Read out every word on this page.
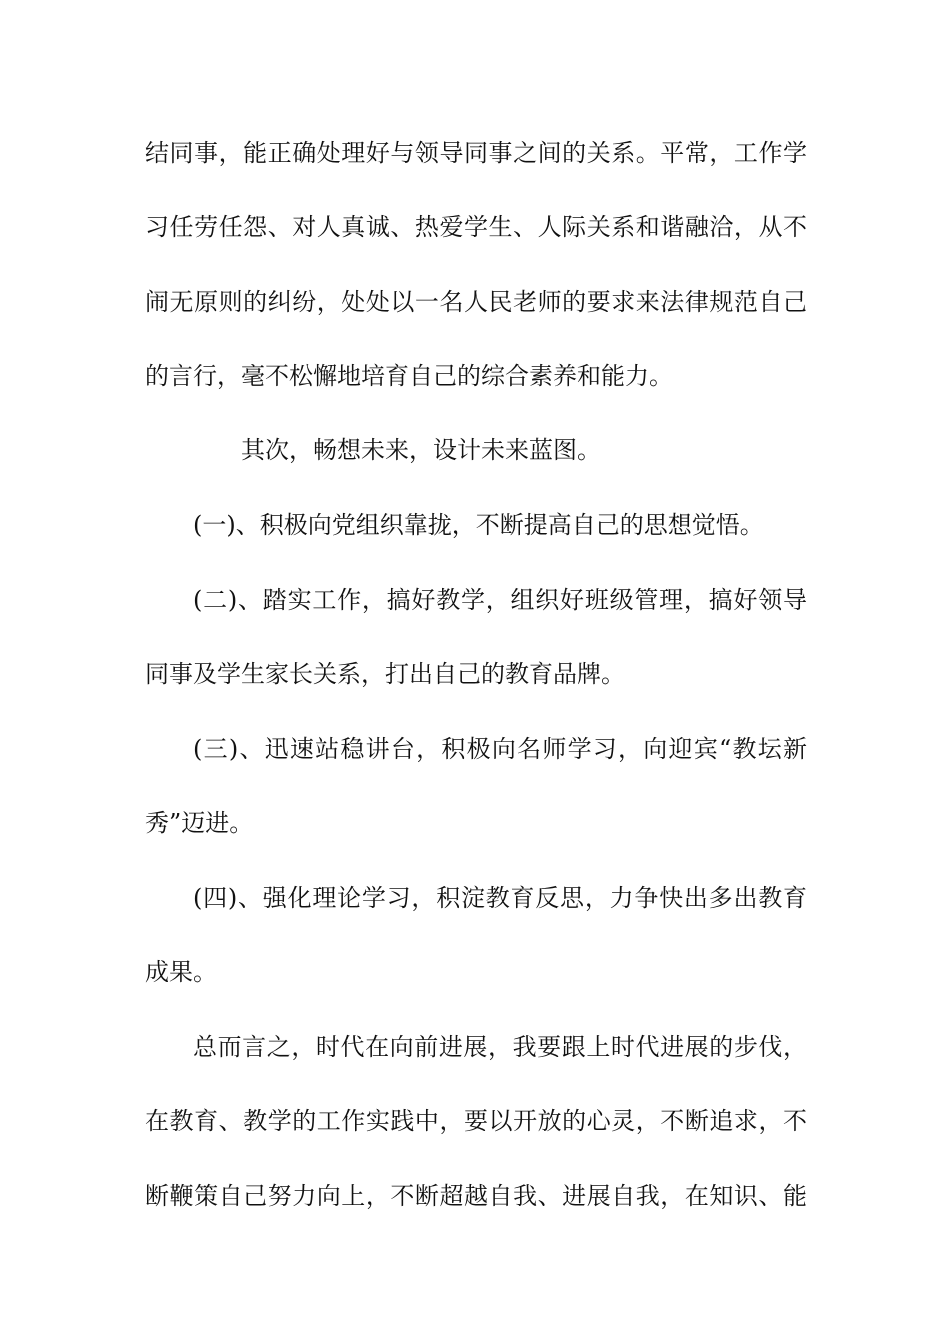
结同事，能正确处理好与领导同事之间的关系。平常，工作学
习任劳任怨、对人真诚、热爱学生、人际关系和谐融洽，从不
闹无原则的纠纷，处处以一名人民老师的要求来法律规范自己
的言行，毫不松懈地培育自己的综合素养和能力。
其次，畅想未来，设计未来蓝图。
(一)、积极向党组织靠拢，不断提高自己的思想觉悟。
(二)、踏实工作，搞好教学，组织好班级管理，搞好领导
同事及学生家长关系，打出自己的教育品牌。
(三)、迅速站稳讲台，积极向名师学习，向迎宾“教坛新
秀”迈进。
(四)、强化理论学习，积淀教育反思，力争快出多出教育
成果。
总而言之，时代在向前进展，我要跟上时代进展的步伐，
在教育、教学的工作实践中，要以开放的心灵，不断追求，不
断鞭策自己努力向上，不断超越自我、进展自我，在知识、能
